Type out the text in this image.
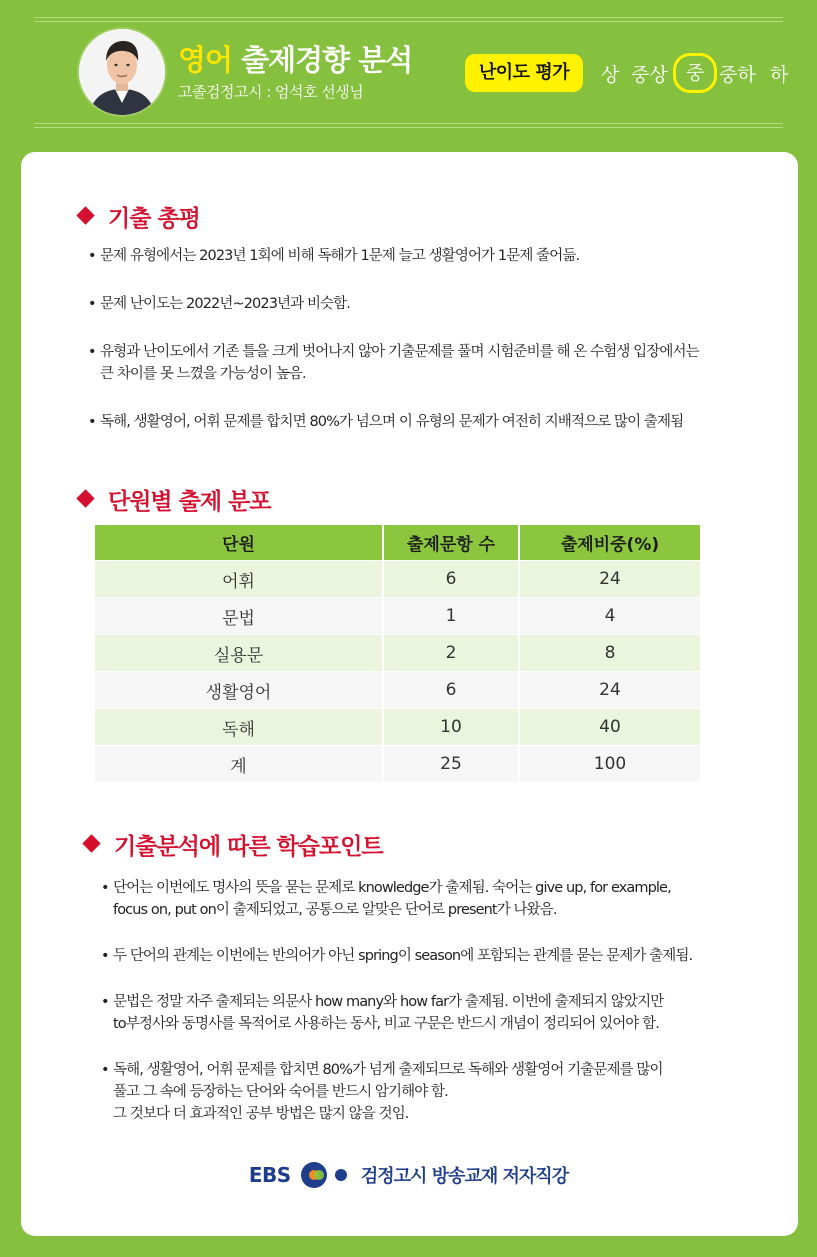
영어 출제경향 분석
고졸검정고시 : 엄석호 선생님
난이도 평가	상 중상 중 중하 하
기출 총평
• 문제 유형에서는 2023년 1회에 비해 독해가 1문제 늘고 생활영어가 1문제 줄어듦.
• 문제 난이도는 2022년~2023년과 비슷함.
• 유형과 난이도에서 기존 틀을 크게 벗어나지 않아 기출문제를 풀며 시험준비를 해 온 수험생 입장에서는
큰 차이를 못 느꼈을 가능성이 높음.
• 독해, 생활영어, 어휘 문제를 합치면 80%가 넘으며 이 유형의 문제가 여전히 지배적으로 많이 출제됨
단원별 출제 분포
단원	출제문항 수	출제비중(%)
어휘	6	24
문법	1	4
실용문	2	8
생활영어	6	24
독해	10	40
계	25	100
기출분석에 따른 학습포인트
• 단어는 이번에도 명사의 뜻을 묻는 문제로 knowledge가 출제됨. 숙어는 give up, for example,
focus on, put on이 출제되었고, 공통으로 알맞은 단어로 present가 나왔음.
• 두 단어의 관계는 이번에는 반의어가 아닌 spring이 season에 포함되는 관계를 묻는 문제가 출제됨.
• 문법은 정말 자주 출제되는 의문사 how many와 how far가 출제됨. 이번에 출제되지 않았지만
to부정사와 동명사를 목적어로 사용하는 동사, 비교 구문은 반드시 개념이 정리되어 있어야 함.
• 독해, 생활영어, 어휘 문제를 합치면 80%가 넘게 출제되므로 독해와 생활영어 기출문제를 많이
풀고 그 속에 등장하는 단어와 숙어를 반드시 암기해야 함.
그 것보다 더 효과적인 공부 방법은 많지 않을 것임.
EBS	검정고시 방송교재 저자직강
